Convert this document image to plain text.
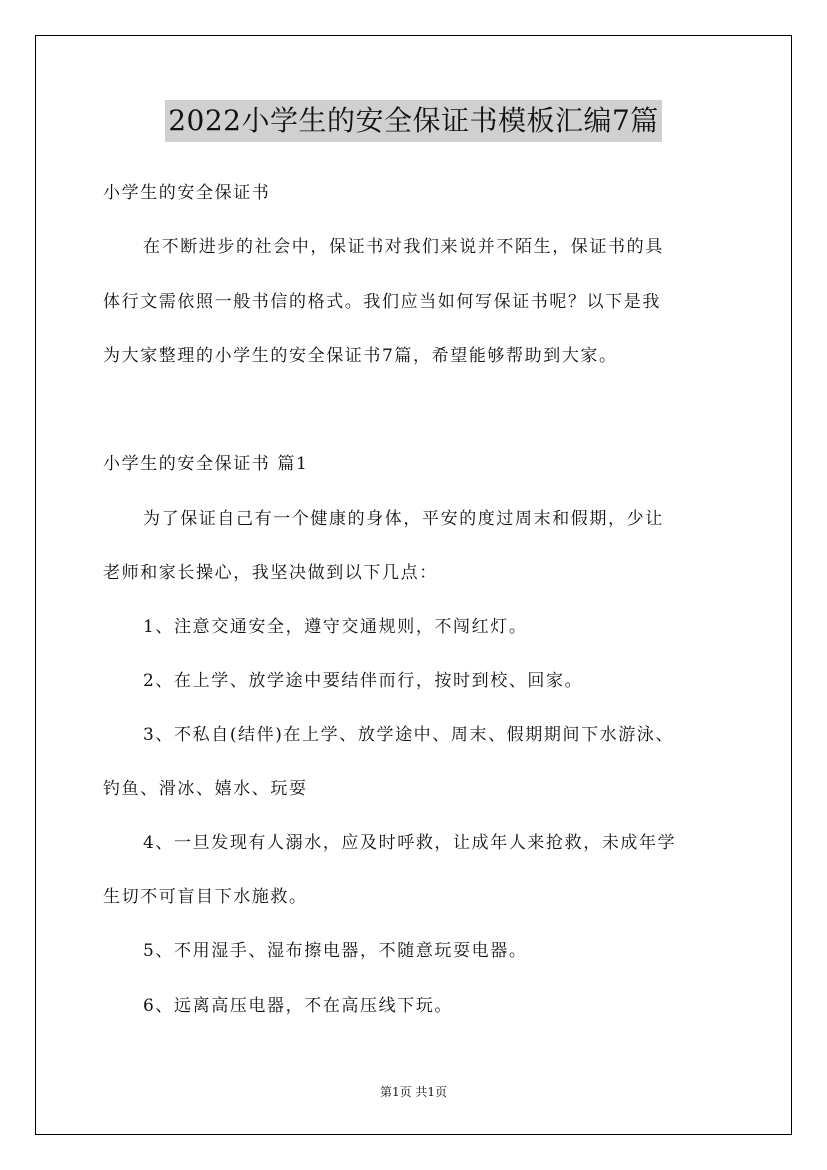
2022小学生的安全保证书模板汇编7篇
小学生的安全保证书
在不断进步的社会中，保证书对我们来说并不陌生，保证书的具
体行文需依照一般书信的格式。我们应当如何写保证书呢？以下是我
为大家整理的小学生的安全保证书7篇，希望能够帮助到大家。
小学生的安全保证书 篇1
为了保证自己有一个健康的身体，平安的度过周末和假期，少让
老师和家长操心，我坚决做到以下几点：
1、注意交通安全，遵守交通规则，不闯红灯。
2、在上学、放学途中要结伴而行，按时到校、回家。
3、不私自(结伴)在上学、放学途中、周末、假期期间下水游泳、
钓鱼、滑冰、嬉水、玩耍
4、一旦发现有人溺水，应及时呼救，让成年人来抢救，未成年学
生切不可盲目下水施救。
5、不用湿手、湿布擦电器，不随意玩耍电器。
6、远离高压电器，不在高压线下玩。
第1页 共1页
